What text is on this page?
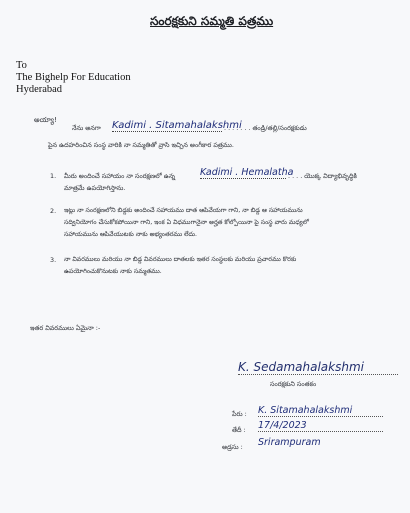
సంరక్షకుని సమ్మతి పత్రము
To
The Bighelp For Education
Hyderabad
అయ్యా!
నేను అనగా Kadimi . Sitamahalakshmi
. . . . . . . తండ్రి/తల్లి/సంరక్షకుడు
పైన ఉదహరించిన సంస్థ వారికి నా సమ్మతితో వ్రాసి ఇచ్చిన అంగీకార పత్రము.
1. మీరు అందించే సహాయం నా సంరక్షణలో ఉన్న	Kadimi . Hemalatha
. . . . యొక్క విద్యాభివృద్ధికి
మాత్రమే ఉపయోగిస్తాను.
2. ఇట్లు నా సంరక్షణలోని బిడ్డకు అందించే సహాయము దాత ఆపివేయగా గాని, నా బిడ్డ ఆ సహాయమును
సద్వినియోగం చేసుకోకపోయినా గాని, ఇంక ఏ విధముగానైనా అర్హత కోల్పోయినా పై సంస్థ వారు మధ్యలో
సహాయమును ఆపివేయుటకు నాకు అభ్యంతరము లేదు.
3. నా వివరములు మరియు నా బిడ్డ వివరములు దాతలకు ఇతర సంస్థలకు మరియు ప్రచారము కొరకు
ఉపయోగించుకొనుటకు నాకు సమ్మతము.
ఇతర వివరములు ఏమైనా :-
K. Sedamahalakshmi
సంరక్షకుని సంతకం
పేరు : K. Sitamahalakshmi
తేదీ : 17/4/2023
అడ్రసు : Srirampuram
